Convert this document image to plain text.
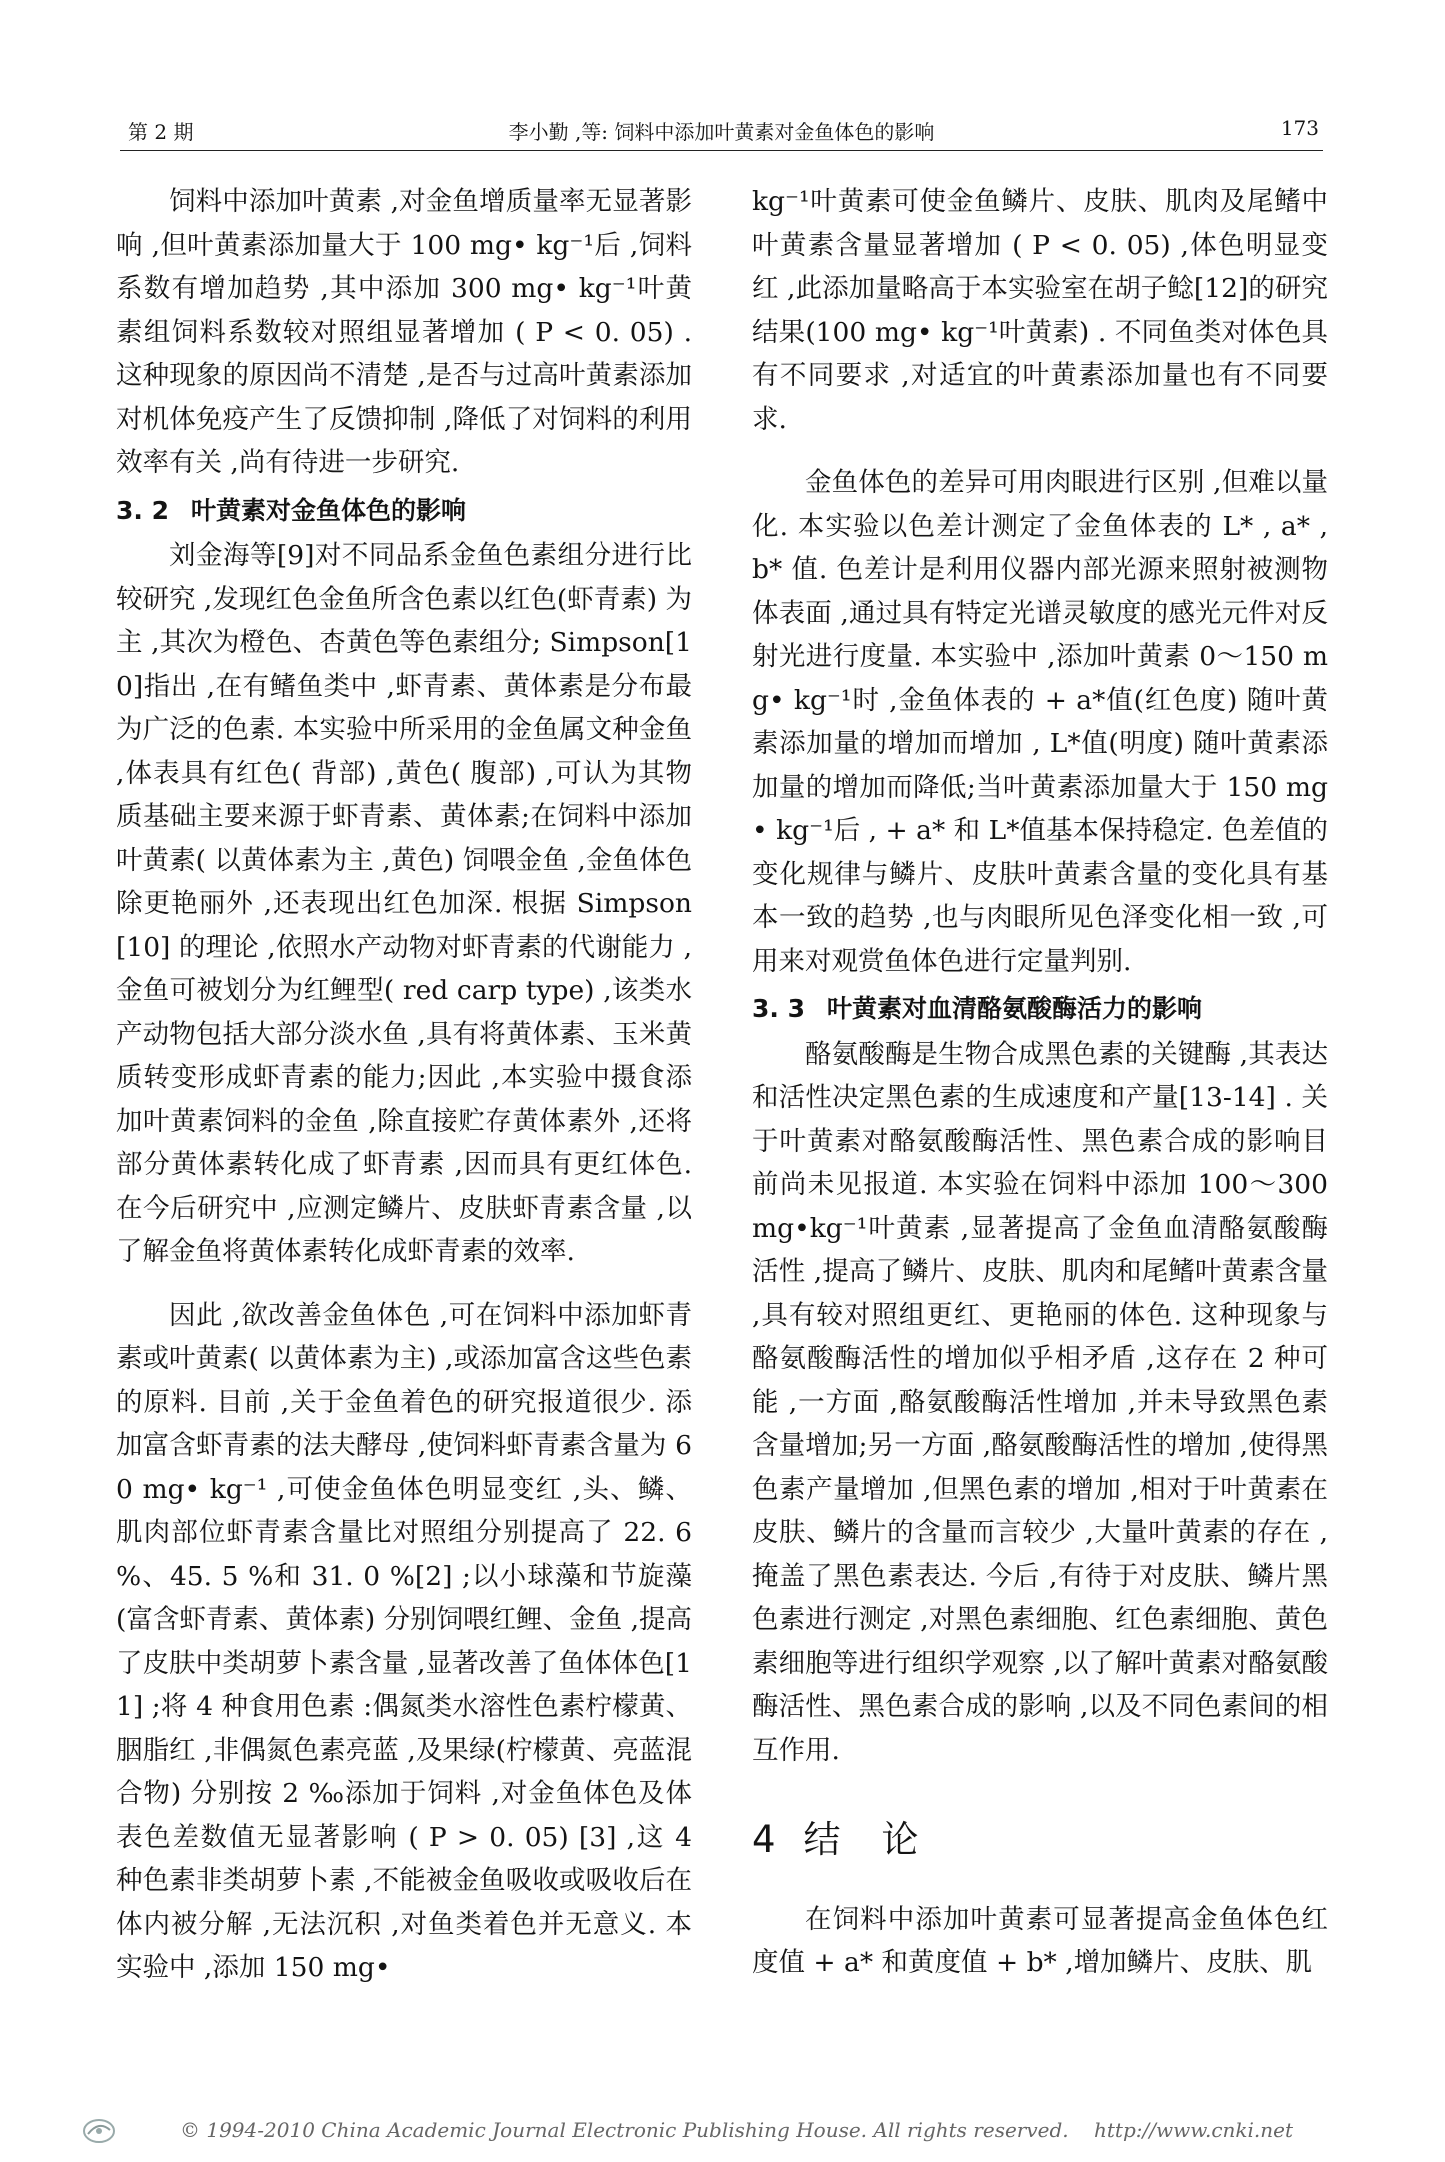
第 2 期	李小勤 ,等: 饲料中添加叶黄素对金鱼体色的影响	173

饲料中添加叶黄素 ,对金鱼增质量率无显著影响 ,但叶黄素添加量大于 100 mg• kg⁻¹后 ,饲料系数有增加趋势 ,其中添加 300 mg• kg⁻¹叶黄素组饲料系数较对照组显著增加 ( P < 0. 05) . 这种现象的原因尚不清楚 ,是否与过高叶黄素添加对机体免疫产生了反馈抑制 ,降低了对饲料的利用效率有关 ,尚有待进一步研究.

3. 2 叶黄素对金鱼体色的影响

刘金海等[9]对不同品系金鱼色素组分进行比较研究 ,发现红色金鱼所含色素以红色(虾青素) 为主 ,其次为橙色、杏黄色等色素组分; Simpson[10]指出 ,在有鳍鱼类中 ,虾青素、黄体素是分布最为广泛的色素. 本实验中所采用的金鱼属文种金鱼 ,体表具有红色( 背部) ,黄色( 腹部) ,可认为其物质基础主要来源于虾青素、黄体素;在饲料中添加叶黄素( 以黄体素为主 ,黄色) 饲喂金鱼 ,金鱼体色除更艳丽外 ,还表现出红色加深. 根据 Simpson[10] 的理论 ,依照水产动物对虾青素的代谢能力 ,金鱼可被划分为红鲤型( red carp type) ,该类水产动物包括大部分淡水鱼 ,具有将黄体素、玉米黄质转变形成虾青素的能力;因此 ,本实验中摄食添加叶黄素饲料的金鱼 ,除直接贮存黄体素外 ,还将部分黄体素转化成了虾青素 ,因而具有更红体色. 在今后研究中 ,应测定鳞片、皮肤虾青素含量 ,以了解金鱼将黄体素转化成虾青素的效率.

因此 ,欲改善金鱼体色 ,可在饲料中添加虾青素或叶黄素( 以黄体素为主) ,或添加富含这些色素的原料. 目前 ,关于金鱼着色的研究报道很少. 添加富含虾青素的法夫酵母 ,使饲料虾青素含量为 60 mg• kg⁻¹ ,可使金鱼体色明显变红 ,头、鳞、肌肉部位虾青素含量比对照组分别提高了 22. 6 %、45. 5 %和 31. 0 %[2] ;以小球藻和节旋藻(富含虾青素、黄体素) 分别饲喂红鲤、金鱼 ,提高了皮肤中类胡萝卜素含量 ,显著改善了鱼体体色[11] ;将 4 种食用色素 :偶氮类水溶性色素柠檬黄、胭脂红 ,非偶氮色素亮蓝 ,及果绿(柠檬黄、亮蓝混合物) 分别按 2 ‰添加于饲料 ,对金鱼体色及体表色差数值无显著影响 ( P > 0. 05) [3] ,这 4 种色素非类胡萝卜素 ,不能被金鱼吸收或吸收后在体内被分解 ,无法沉积 ,对鱼类着色并无意义. 本实验中 ,添加 150 mg•

kg⁻¹叶黄素可使金鱼鳞片、皮肤、肌肉及尾鳍中叶黄素含量显著增加 ( P < 0. 05) ,体色明显变红 ,此添加量略高于本实验室在胡子鲶[12]的研究结果(100 mg• kg⁻¹叶黄素) . 不同鱼类对体色具有不同要求 ,对适宜的叶黄素添加量也有不同要求.

金鱼体色的差异可用肉眼进行区别 ,但难以量化. 本实验以色差计测定了金鱼体表的 L* , a* , b* 值. 色差计是利用仪器内部光源来照射被测物体表面 ,通过具有特定光谱灵敏度的感光元件对反射光进行度量. 本实验中 ,添加叶黄素 0～150 mg• kg⁻¹时 ,金鱼体表的 + a*值(红色度) 随叶黄素添加量的增加而增加 , L*值(明度) 随叶黄素添加量的增加而降低;当叶黄素添加量大于 150 mg• kg⁻¹后 , + a* 和 L*值基本保持稳定. 色差值的变化规律与鳞片、皮肤叶黄素含量的变化具有基本一致的趋势 ,也与肉眼所见色泽变化相一致 ,可用来对观赏鱼体色进行定量判别.

3. 3 叶黄素对血清酪氨酸酶活力的影响

酪氨酸酶是生物合成黑色素的关键酶 ,其表达和活性决定黑色素的生成速度和产量[13-14] . 关于叶黄素对酪氨酸酶活性、黑色素合成的影响目前尚未见报道. 本实验在饲料中添加 100～300 mg•kg⁻¹叶黄素 ,显著提高了金鱼血清酪氨酸酶活性 ,提高了鳞片、皮肤、肌肉和尾鳍叶黄素含量 ,具有较对照组更红、更艳丽的体色. 这种现象与酪氨酸酶活性的增加似乎相矛盾 ,这存在 2 种可能 ,一方面 ,酪氨酸酶活性增加 ,并未导致黑色素含量增加;另一方面 ,酪氨酸酶活性的增加 ,使得黑色素产量增加 ,但黑色素的增加 ,相对于叶黄素在皮肤、鳞片的含量而言较少 ,大量叶黄素的存在 ,掩盖了黑色素表达. 今后 ,有待于对皮肤、鳞片黑色素进行测定 ,对黑色素细胞、红色素细胞、黄色素细胞等进行组织学观察 ,以了解叶黄素对酪氨酸酶活性、黑色素合成的影响 ,以及不同色素间的相互作用.

4 结　论

在饲料中添加叶黄素可显著提高金鱼体色红度值 + a* 和黄度值 + b* ,增加鳞片、皮肤、肌

© 1994-2010 China Academic Journal Electronic Publishing House. All rights reserved. http://www.cnki.net
